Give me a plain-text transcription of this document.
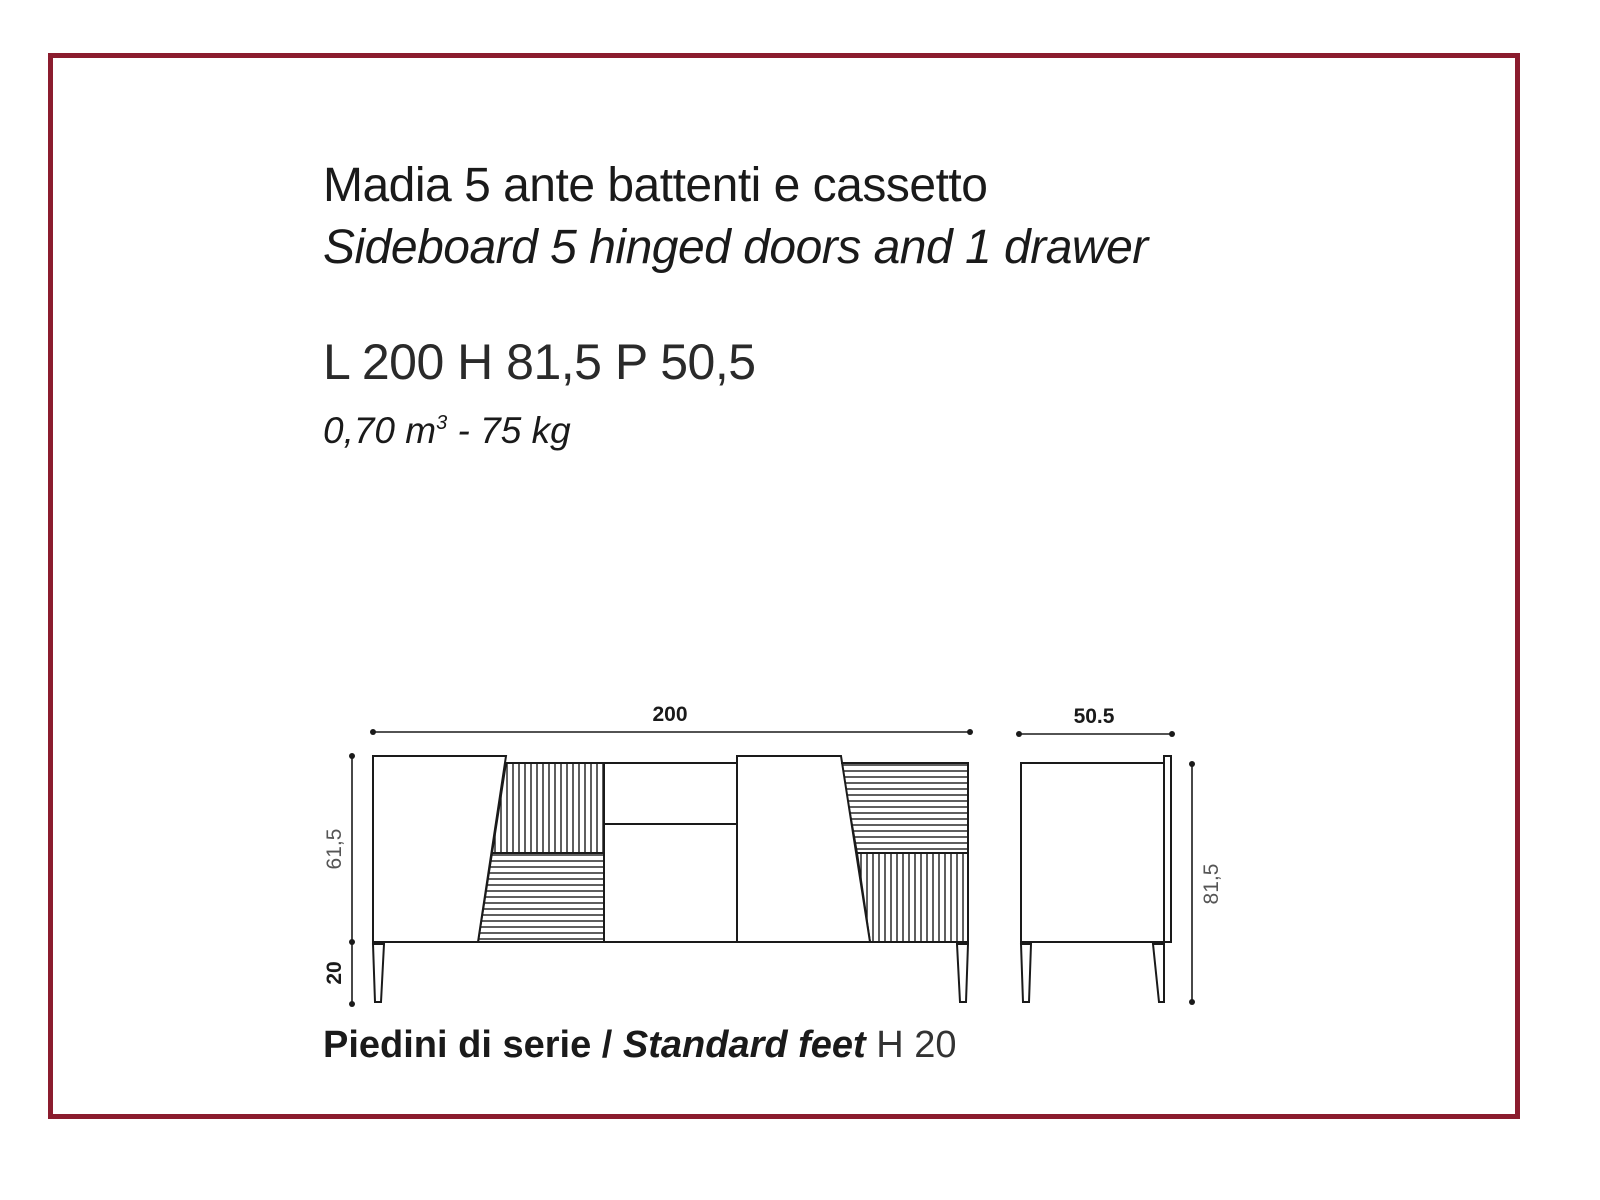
Madia 5 ante battenti e cassetto
Sideboard 5 hinged doors and 1 drawer
L 200 H 81,5 P 50,5
0,70 $m^3 - 75$ kg
200	50.5
61,5
20
81,5
Piedini di serie / Standard feet H 20
